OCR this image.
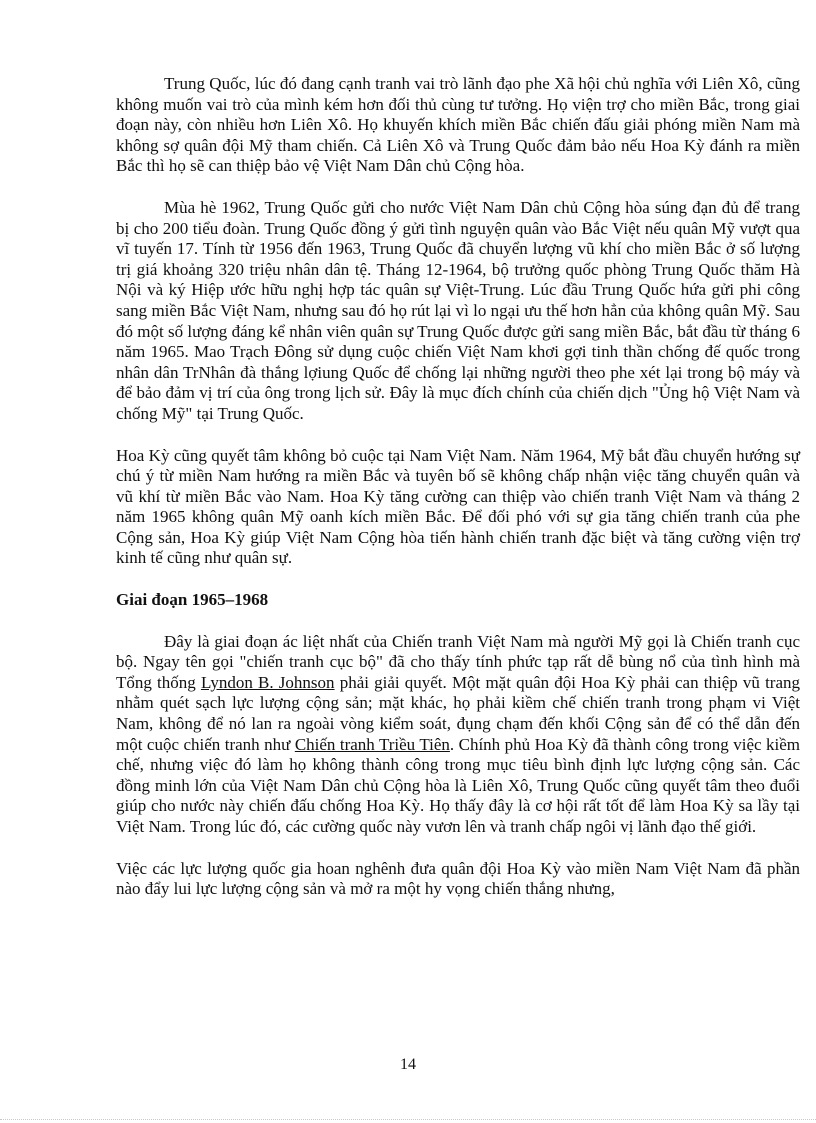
Trung Quốc, lúc đó đang cạnh tranh vai trò lãnh đạo phe Xã hội chủ nghĩa với Liên Xô, cũng không muốn vai trò của mình kém hơn đối thủ cùng tư tưởng. Họ viện trợ cho miền Bắc, trong giai đoạn này, còn nhiều hơn Liên Xô. Họ khuyến khích miền Bắc chiến đấu giải phóng miền Nam mà không sợ quân đội Mỹ tham chiến. Cả Liên Xô và Trung Quốc đảm bảo nếu Hoa Kỳ đánh ra miền Bắc thì họ sẽ can thiệp bảo vệ Việt Nam Dân chủ Cộng hòa.

Mùa hè 1962, Trung Quốc gửi cho nước Việt Nam Dân chủ Cộng hòa súng đạn đủ để trang bị cho 200 tiểu đoàn. Trung Quốc đồng ý gửi tình nguyện quân vào Bắc Việt nếu quân Mỹ vượt qua vĩ tuyến 17. Tính từ 1956 đến 1963, Trung Quốc đã chuyển lượng vũ khí cho miền Bắc ở số lượng trị giá khoảng 320 triệu nhân dân tệ. Tháng 12-1964, bộ trưởng quốc phòng Trung Quốc thăm Hà Nội và ký Hiệp ước hữu nghị hợp tác quân sự Việt-Trung. Lúc đầu Trung Quốc hứa gửi phi công sang miền Bắc Việt Nam, nhưng sau đó họ rút lại vì lo ngại ưu thế hơn hẳn của không quân Mỹ. Sau đó một số lượng đáng kể nhân viên quân sự Trung Quốc được gửi sang miền Bắc, bắt đầu từ tháng 6 năm 1965. Mao Trạch Đông sử dụng cuộc chiến Việt Nam khơi gợi tinh thần chống đế quốc trong nhân dân TrNhân đà thắng lợiung Quốc để chống lại những người theo phe xét lại trong bộ máy và để bảo đảm vị trí của ông trong lịch sử. Đây là mục đích chính của chiến dịch "Ủng hộ Việt Nam và chống Mỹ" tại Trung Quốc.

Hoa Kỳ cũng quyết tâm không bỏ cuộc tại Nam Việt Nam. Năm 1964, Mỹ bắt đầu chuyển hướng sự chú ý từ miền Nam hướng ra miền Bắc và tuyên bố sẽ không chấp nhận việc tăng chuyển quân và vũ khí từ miền Bắc vào Nam. Hoa Kỳ tăng cường can thiệp vào chiến tranh Việt Nam và tháng 2 năm 1965 không quân Mỹ oanh kích miền Bắc. Để đối phó với sự gia tăng chiến tranh của phe Cộng sản, Hoa Kỳ giúp Việt Nam Cộng hòa tiến hành chiến tranh đặc biệt và tăng cường viện trợ kinh tế cũng như quân sự.

Giai đoạn 1965–1968

Đây là giai đoạn ác liệt nhất của Chiến tranh Việt Nam mà người Mỹ gọi là Chiến tranh cục bộ. Ngay tên gọi "chiến tranh cục bộ" đã cho thấy tính phức tạp rất dễ bùng nổ của tình hình mà Tổng thống Lyndon B. Johnson phải giải quyết. Một mặt quân đội Hoa Kỳ phải can thiệp vũ trang nhằm quét sạch lực lượng cộng sản; mặt khác, họ phải kiềm chế chiến tranh trong phạm vi Việt Nam, không để nó lan ra ngoài vòng kiểm soát, đụng chạm đến khối Cộng sản để có thể dẫn đến một cuộc chiến tranh như Chiến tranh Triều Tiên. Chính phủ Hoa Kỳ đã thành công trong việc kiềm chế, nhưng việc đó làm họ không thành công trong mục tiêu bình định lực lượng cộng sản. Các đồng minh lớn của Việt Nam Dân chủ Cộng hòa là Liên Xô, Trung Quốc cũng quyết tâm theo đuổi giúp cho nước này chiến đấu chống Hoa Kỳ. Họ thấy đây là cơ hội rất tốt để làm Hoa Kỳ sa lầy tại Việt Nam. Trong lúc đó, các cường quốc này vươn lên và tranh chấp ngôi vị lãnh đạo thế giới.

Việc các lực lượng quốc gia hoan nghênh đưa quân đội Hoa Kỳ vào miền Nam Việt Nam đã phần nào đẩy lui lực lượng cộng sản và mở ra một hy vọng chiến thắng nhưng,

14
